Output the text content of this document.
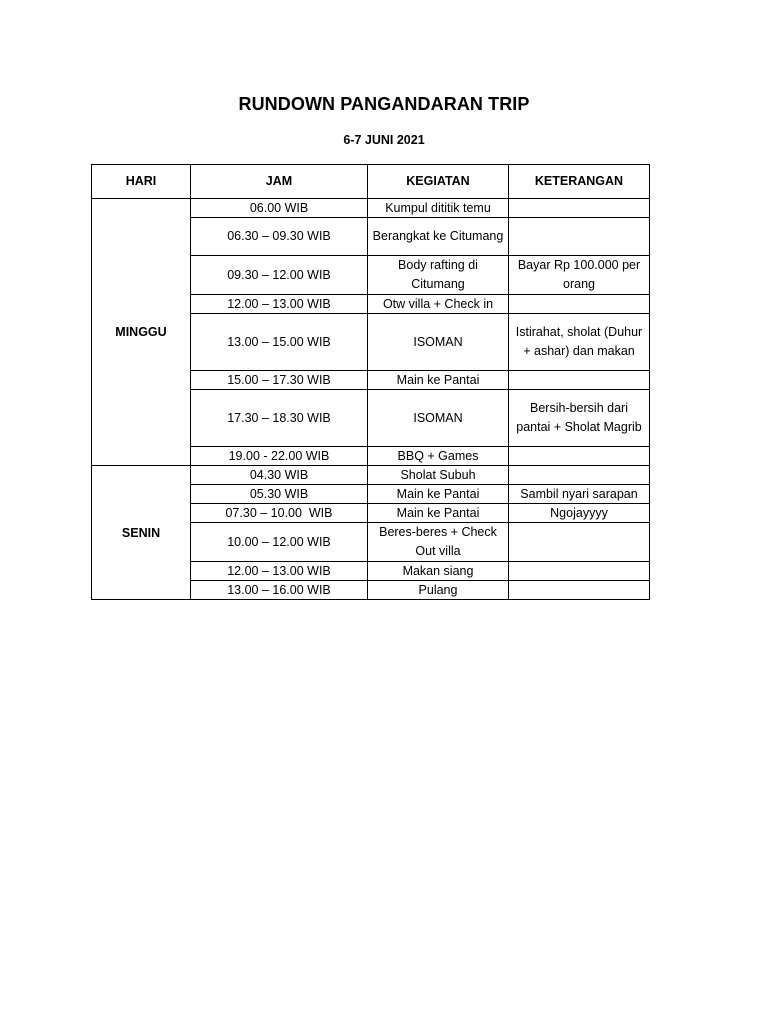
RUNDOWN PANGANDARAN TRIP
6-7 JUNI 2021
HARI	JAM	KEGIATAN	KETERANGAN
MINGGU	06.00 WIB	Kumpul dititik temu	
	06.30 – 09.30 WIB	Berangkat ke Citumang	
	09.30 – 12.00 WIB	Body rafting di Citumang	Bayar Rp 100.000 per orang
	12.00 – 13.00 WIB	Otw villa + Check in	
	13.00 – 15.00 WIB	ISOMAN	Istirahat, sholat (Duhur + ashar) dan makan
	15.00 – 17.30 WIB	Main ke Pantai	
	17.30 – 18.30 WIB	ISOMAN	Bersih-bersih dari pantai + Sholat Magrib
	19.00 - 22.00 WIB	BBQ + Games	
SENIN	04.30 WIB	Sholat Subuh	
	05.30 WIB	Main ke Pantai	Sambil nyari sarapan
	07.30 – 10.00  WIB	Main ke Pantai	Ngojayyyy
	10.00 – 12.00 WIB	Beres-beres + Check Out villa	
	12.00 – 13.00 WIB	Makan siang	
	13.00 – 16.00 WIB	Pulang	
